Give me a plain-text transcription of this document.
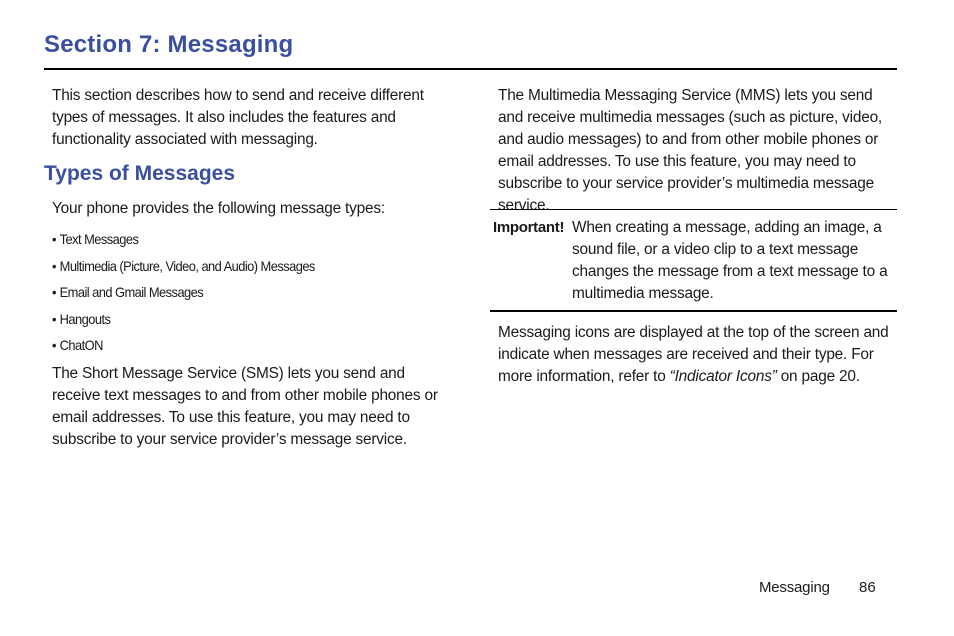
Section 7: Messaging

This section describes how to send and receive different types of messages. It also includes the features and functionality associated with messaging.

Types of Messages

Your phone provides the following message types:

• Text Messages
• Multimedia (Picture, Video, and Audio) Messages
• Email and Gmail Messages
• Hangouts
• ChatON

The Short Message Service (SMS) lets you send and receive text messages to and from other mobile phones or email addresses. To use this feature, you may need to subscribe to your service provider’s message service.

The Multimedia Messaging Service (MMS) lets you send and receive multimedia messages (such as picture, video, and audio messages) to and from other mobile phones or email addresses. To use this feature, you may need to subscribe to your service provider’s multimedia message service.

Important! When creating a message, adding an image, a sound file, or a video clip to a text message changes the message from a text message to a multimedia message.

Messaging icons are displayed at the top of the screen and indicate when messages are received and their type. For more information, refer to “Indicator Icons” on page 20.

Messaging 86
